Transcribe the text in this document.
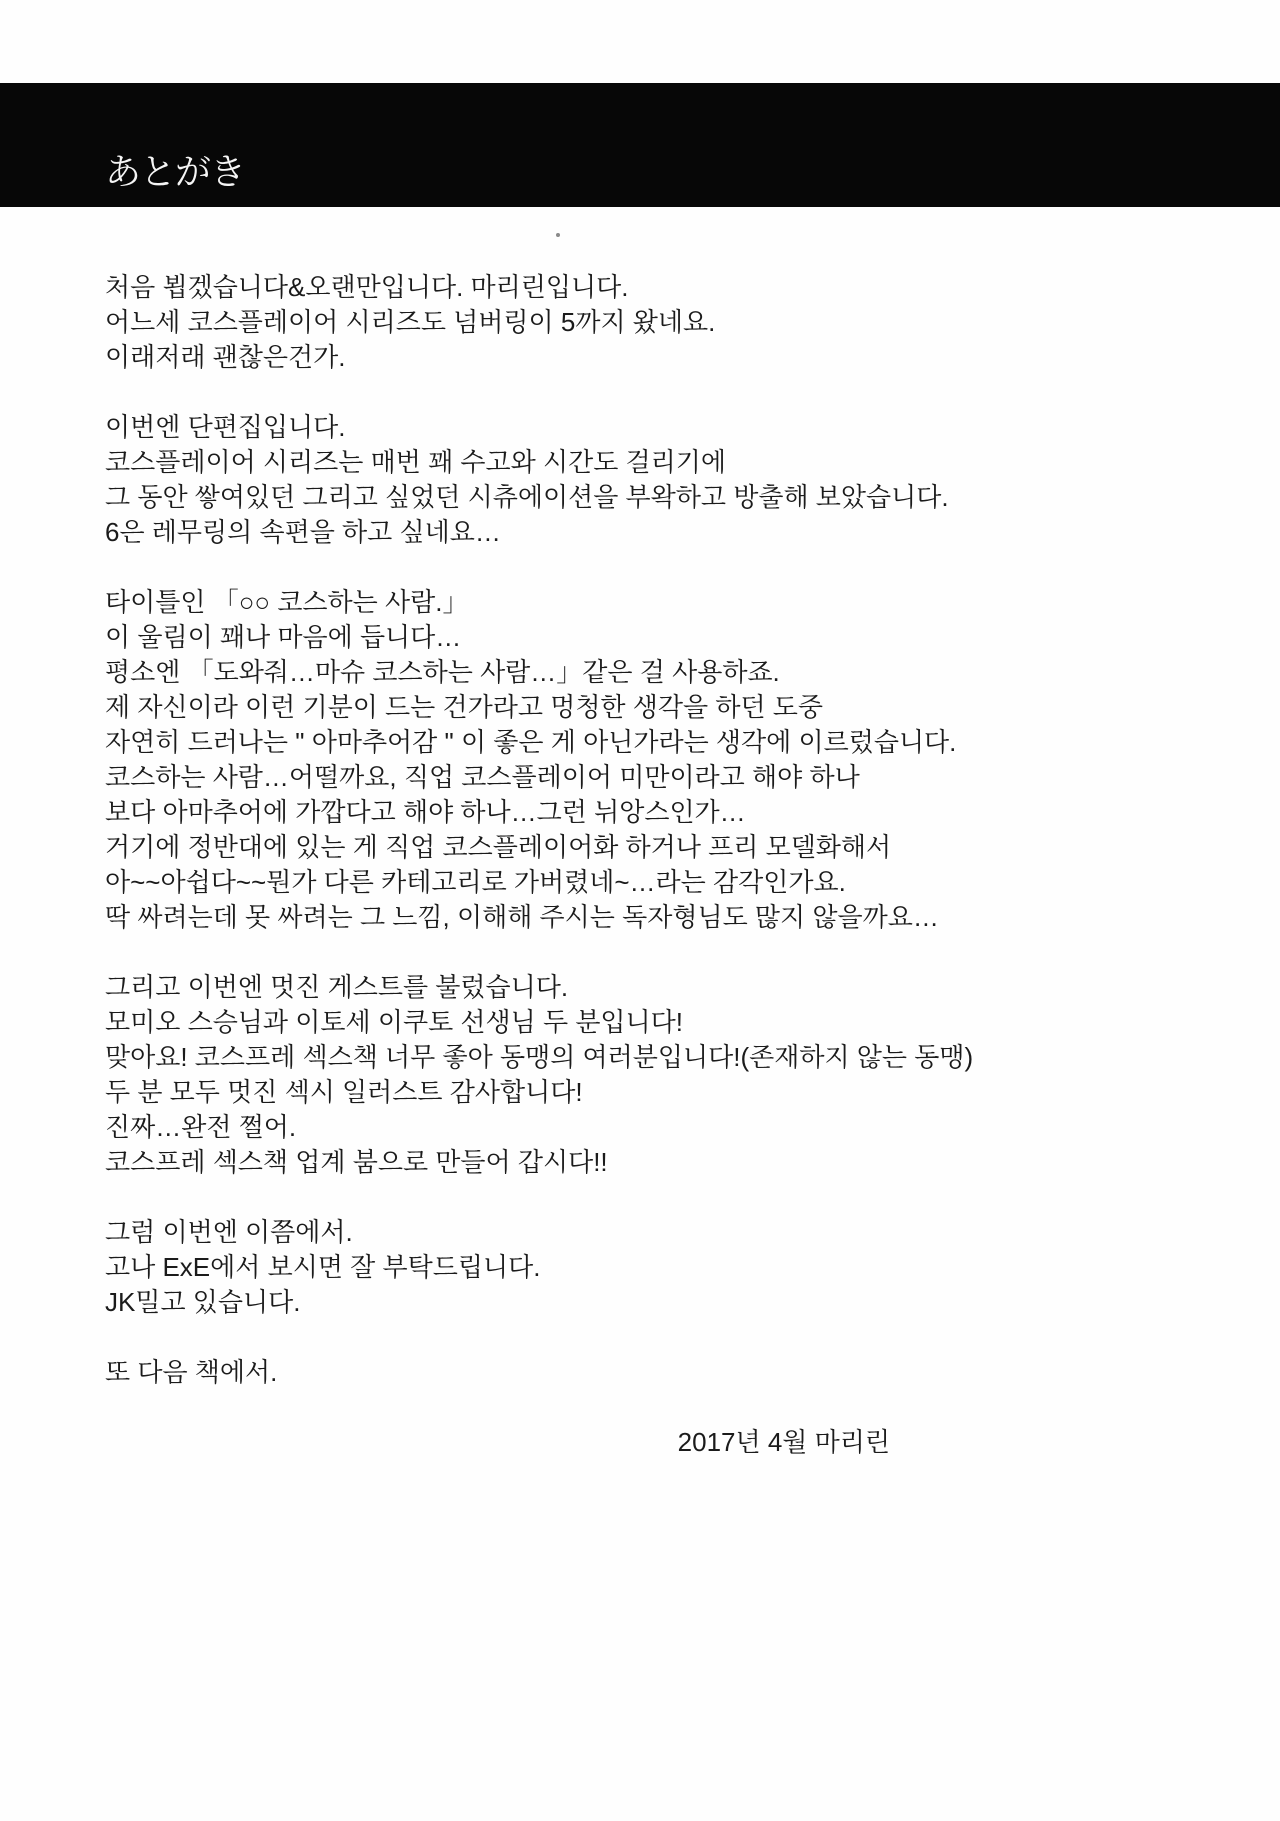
あとがき
처음 뵙겠습니다&오랜만입니다. 마리린입니다.
어느세 코스플레이어 시리즈도 넘버링이 5까지 왔네요.
이래저래 괜찮은건가.
이번엔 단편집입니다.
코스플레이어 시리즈는 매번 꽤 수고와 시간도 걸리기에
그 동안 쌓여있던 그리고 싶었던 시츄에이션을 부왁하고 방출해 보았습니다.
6은 레무링의 속편을 하고 싶네요…
타이틀인 「○○ 코스하는 사람.」
이 울림이 꽤나 마음에 듭니다…
평소엔 「도와줘…마슈 코스하는 사람…」같은 걸 사용하죠.
제 자신이라 이런 기분이 드는 건가라고 멍청한 생각을 하던 도중
자연히 드러나는 " 아마추어감 " 이 좋은 게 아닌가라는 생각에 이르렀습니다.
코스하는 사람…어떨까요, 직업 코스플레이어 미만이라고 해야 하나
보다 아마추어에 가깝다고 해야 하나…그런 뉘앙스인가…
거기에 정반대에 있는 게 직업 코스플레이어화 하거나 프리 모델화해서
아~~아쉽다~~뭔가 다른 카테고리로 가버렸네~…라는 감각인가요.
딱 싸려는데 못 싸려는 그 느낌, 이해해 주시는 독자형님도 많지 않을까요…
그리고 이번엔 멋진 게스트를 불렀습니다.
모미오 스승님과 이토세 이쿠토 선생님 두 분입니다!
맞아요! 코스프레 섹스책 너무 좋아 동맹의 여러분입니다!(존재하지 않는 동맹)
두 분 모두 멋진 섹시 일러스트 감사합니다!
진짜…완전 쩔어.
코스프레 섹스책 업계 붐으로 만들어 갑시다!!
그럼 이번엔 이쯤에서.
고나 ExE에서 보시면 잘 부탁드립니다.
JK밀고 있습니다.
또 다음 책에서.
2017년 4월 마리린
